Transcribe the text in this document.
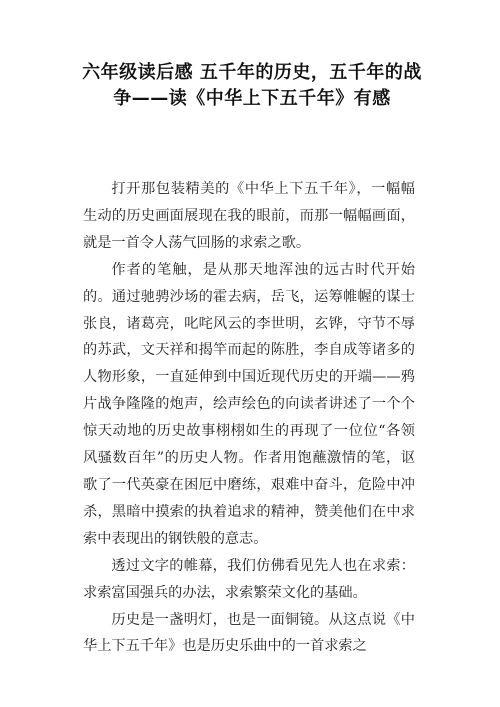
六年级读后感 五千年的历史，五千年的战争——读《中华上下五千年》有感

打开那包装精美的《中华上下五千年》，一幅幅生动的历史画面展现在我的眼前，而那一幅幅画面，就是一首令人荡气回肠的求索之歌。

作者的笔触，是从那天地浑浊的远古时代开始的。通过驰骋沙场的霍去病，岳飞，运筹帷幄的谋士张良，诸葛亮，叱咤风云的李世明，玄铧，守节不辱的苏武，文天祥和揭竿而起的陈胜，李自成等诸多的人物形象，一直延伸到中国近现代历史的开端——鸦片战争隆隆的炮声，绘声绘色的向读者讲述了一个个惊天动地的历史故事栩栩如生的再现了一位位“各领风骚数百年”的历史人物。作者用饱蘸激情的笔，讴歌了一代英豪在困厄中磨练，艰难中奋斗，危险中冲杀，黑暗中摸索的执着追求的精神，赞美他们在中求索中表现出的钢铁般的意志。

透过文字的帷幕，我们仿佛看见先人也在求索：求索富国强兵的办法，求索繁荣文化的基础。

历史是一盏明灯，也是一面铜镜。从这点说《中华上下五千年》也是历史乐曲中的一首求索之
